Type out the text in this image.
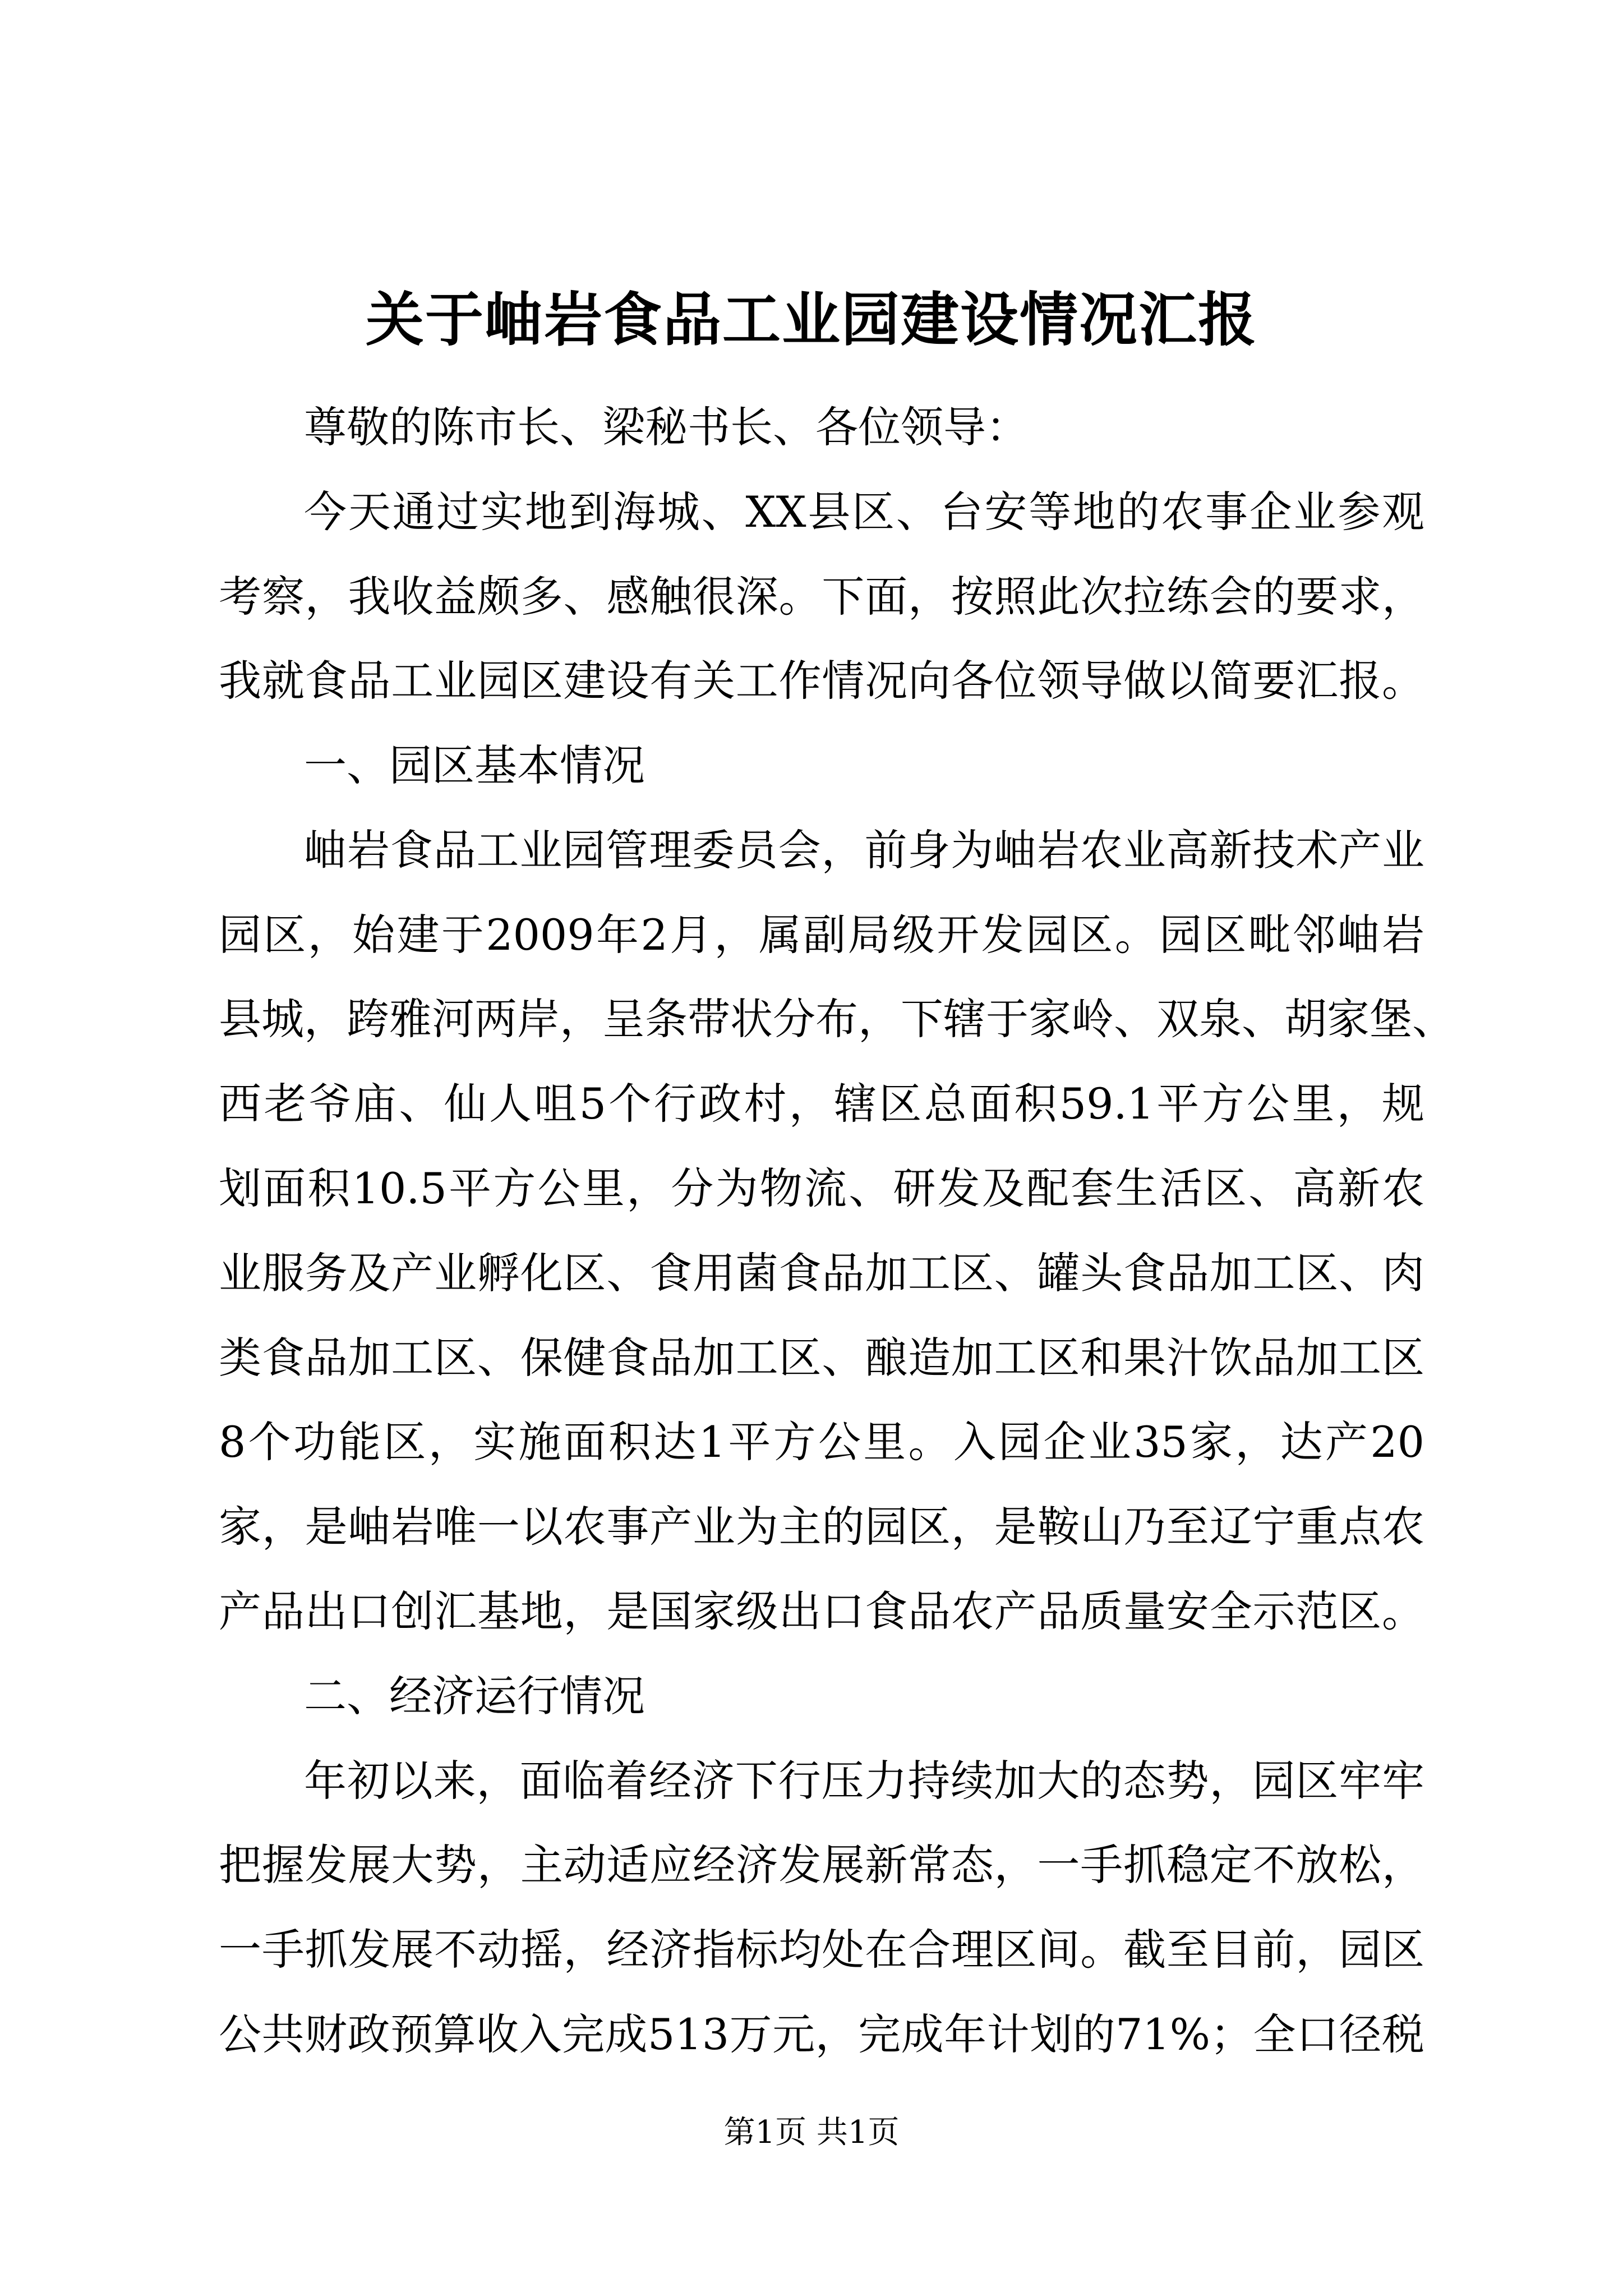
关于岫岩食品工业园建设情况汇报
尊敬的陈市长、梁秘书长、各位领导：
今天通过实地到海城、XX县区、台安等地的农事企业参观
考察，我收益颇多、感触很深。下面，按照此次拉练会的要求，
我就食品工业园区建设有关工作情况向各位领导做以简要汇报。
一、园区基本情况
岫岩食品工业园管理委员会，前身为岫岩农业高新技术产业
园区，始建于2009年2月，属副局级开发园区。园区毗邻岫岩
县城，跨雅河两岸，呈条带状分布，下辖于家岭、双泉、胡家堡、
西老爷庙、仙人咀5个行政村，辖区总面积59.1平方公里，规
划面积10.5平方公里，分为物流、研发及配套生活区、高新农
业服务及产业孵化区、食用菌食品加工区、罐头食品加工区、肉
类食品加工区、保健食品加工区、酿造加工区和果汁饮品加工区
8个功能区，实施面积达1平方公里。入园企业35家，达产20
家，是岫岩唯一以农事产业为主的园区，是鞍山乃至辽宁重点农
产品出口创汇基地，是国家级出口食品农产品质量安全示范区。
二、经济运行情况
年初以来，面临着经济下行压力持续加大的态势，园区牢牢
把握发展大势，主动适应经济发展新常态，一手抓稳定不放松，
一手抓发展不动摇，经济指标均处在合理区间。截至目前，园区
公共财政预算收入完成513万元，完成年计划的71%；全口径税
第1页 共1页
